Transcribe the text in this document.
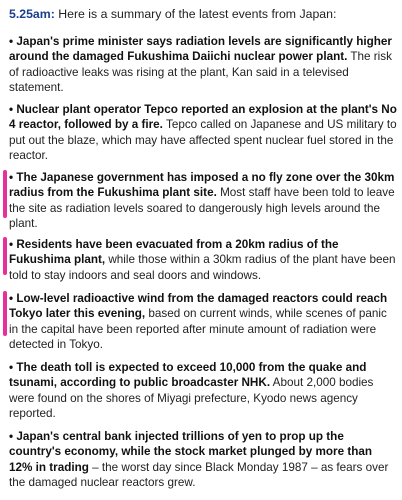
5.25am: Here is a summary of the latest events from Japan:

• Japan's prime minister says radiation levels are significantly higher around the damaged Fukushima Daiichi nuclear power plant. The risk of radioactive leaks was rising at the plant, Kan said in a televised statement.

• Nuclear plant operator Tepco reported an explosion at the plant's No 4 reactor, followed by a fire. Tepco called on Japanese and US military to put out the blaze, which may have affected spent nuclear fuel stored in the reactor.

• The Japanese government has imposed a no fly zone over the 30km radius from the Fukushima plant site. Most staff have been told to leave the site as radiation levels soared to dangerously high levels around the plant.

• Residents have been evacuated from a 20km radius of the Fukushima plant, while those within a 30km radius of the plant have been told to stay indoors and seal doors and windows.

• Low-level radioactive wind from the damaged reactors could reach Tokyo later this evening, based on current winds, while scenes of panic in the capital have been reported after minute amount of radiation were detected in Tokyo.

• The death toll is expected to exceed 10,000 from the quake and tsunami, according to public broadcaster NHK. About 2,000 bodies were found on the shores of Miyagi prefecture, Kyodo news agency reported.

• Japan's central bank injected trillions of yen to prop up the country's economy, while the stock market plunged by more than 12% in trading – the worst day since Black Monday 1987 – as fears over the damaged nuclear reactors grew.
